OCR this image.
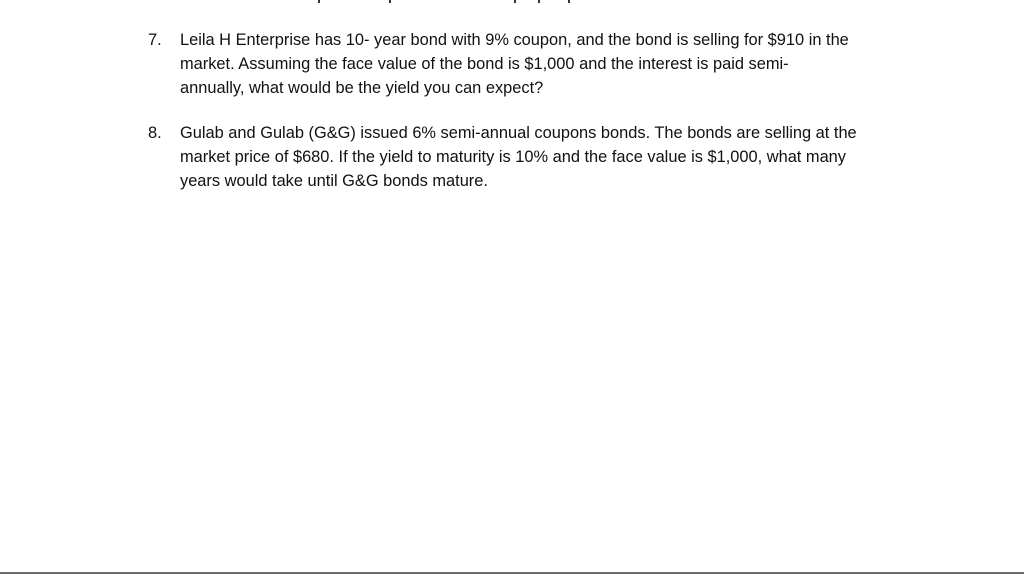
7.	Leila H Enterprise has 10- year bond with 9% coupon, and the bond is selling for $910 in the
market. Assuming the face value of the bond is $1,000 and the interest is paid semi-
annually, what would be the yield you can expect?
8.	Gulab and Gulab (G&G) issued 6% semi-annual coupons bonds. The bonds are selling at the
market price of $680. If the yield to maturity is 10% and the face value is $1,000, what many
years would take until G&G bonds mature.
